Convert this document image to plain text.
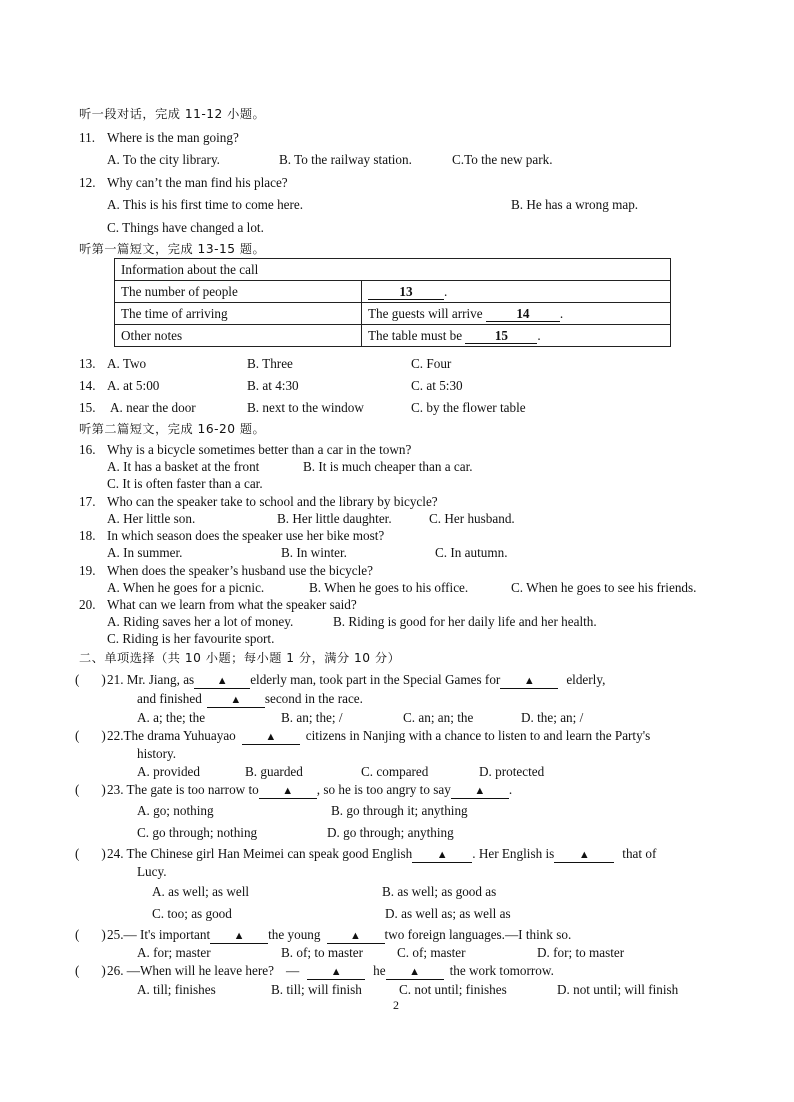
听一段对话，完成 11-12 小题。
11. Where is the man going?
A. To the city library.	B. To the railway station.	C.To the new park.
12. Why can’t the man find his place?
A. This is his first time to come here.	B. He has a wrong map.
C. Things have changed a lot.
听第一篇短文，完成 13-15 题。
Information about the call	
The number of people	13 .
The time of arriving	The guests will arrive 14 .
Other notes	The table must be 15 .
13. A. Two	B. Three	C. Four
14. A. at 5:00	B. at 4:30	C. at 5:30
15. A. near the door	B. next to the window	C. by the flower table
听第二篇短文，完成 16-20 题。
16. Why is a bicycle sometimes better than a car in the town?
A. It has a basket at the front	B. It is much cheaper than a car.
C. It is often faster than a car.
17. Who can the speaker take to school and the library by bicycle?
A. Her little son.	B. Her little daughter.	C. Her husband.
18. In which season does the speaker use her bike most?
A. In summer.	B. In winter.	C. In autumn.
19. When does the speaker’s husband use the bicycle?
A. When he goes for a picnic.	B. When he goes to his office.	C. When he goes to see his friends.
20. What can we learn from what the speaker said?
A. Riding saves her a lot of money.	B. Riding is good for her daily life and her health.
C. Riding is her favourite sport.
二、单项选择（共 10 小题；每小题 1 分，满分 10 分）
( ) 21. Mr. Jiang, as ▲ elderly man, took part in the Special Games for ▲ elderly,
and finished	▲ second in the race.
A. a; the; the	B. an; the; /	C. an; an; the	D. the; an; /
( ) 22.The drama Yuhuayao	▲ citizens in Nanjing with a chance to listen to and learn the Party's
history.
A. provided	B. guarded	C. compared	D. protected
( ) 23. The gate is too narrow to ▲ , so he is too angry to say ▲ .
A. go; nothing	B. go through it; anything
C. go through; nothing	D. go through; anything
( ) 24. The Chinese girl Han Meimei can speak good English ▲ . Her English is ▲ that of
Lucy.
A. as well; as well	B. as well; as good as
C. too; as good	D. as well as; as well as
( ) 25.— It's important ▲ the young	▲ two foreign languages.—I think so.
A. for; master	B. of; to master	C. of; master	D. for; to master
( ) 26. —When will he leave here? —	▲ he ▲ the work tomorrow.
A. till; finishes	B. till; will finish	C. not until; finishes	D. not until; will finish
2
